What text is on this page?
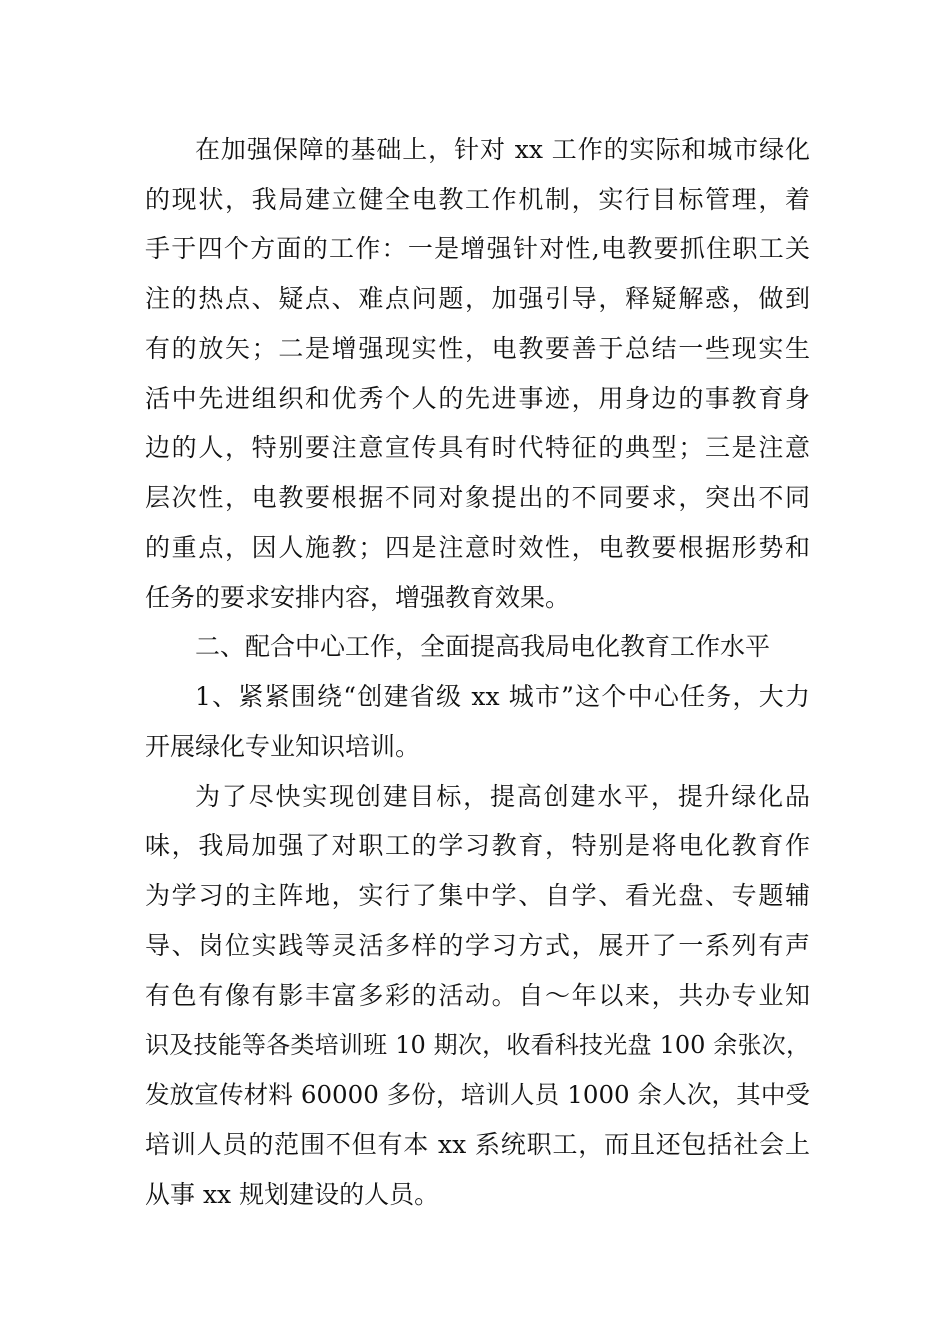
在加强保障的基础上，针对 xx 工作的实际和城市绿化
的现状，我局建立健全电教工作机制，实行目标管理，着
手于四个方面的工作：一是增强针对性,电教要抓住职工关
注的热点、疑点、难点问题，加强引导，释疑解惑，做到
有的放矢；二是增强现实性，电教要善于总结一些现实生
活中先进组织和优秀个人的先进事迹，用身边的事教育身
边的人，特别要注意宣传具有时代特征的典型；三是注意
层次性，电教要根据不同对象提出的不同要求，突出不同
的重点，因人施教；四是注意时效性，电教要根据形势和
任务的要求安排内容，增强教育效果。
二、配合中心工作，全面提高我局电化教育工作水平
1、紧紧围绕“创建省级 xx 城市”这个中心任务，大力
开展绿化专业知识培训。
为了尽快实现创建目标，提高创建水平，提升绿化品
味，我局加强了对职工的学习教育，特别是将电化教育作
为学习的主阵地，实行了集中学、自学、看光盘、专题辅
导、岗位实践等灵活多样的学习方式，展开了一系列有声
有色有像有影丰富多彩的活动。自～年以来，共办专业知
识及技能等各类培训班 10 期次，收看科技光盘 100 余张次，
发放宣传材料 60000 多份，培训人员 1000 余人次，其中受
培训人员的范围不但有本 xx 系统职工，而且还包括社会上
从事 xx 规划建设的人员。
